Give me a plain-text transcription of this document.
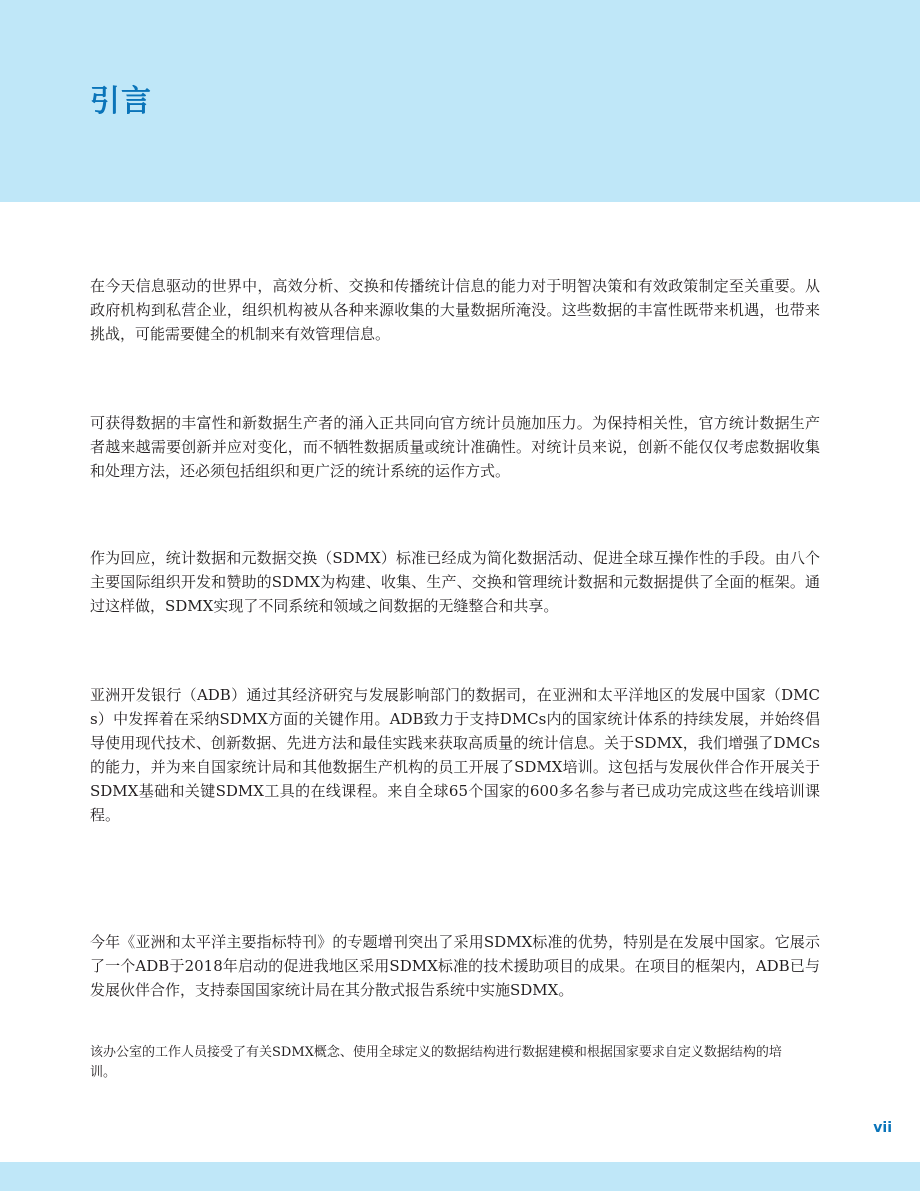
引言

在今天信息驱动的世界中，高效分析、交换和传播统计信息的能力对于明智决策和有效政策制定至关重要。从政府机构到私营企业，组织机构被从各种来源收集的大量数据所淹没。这些数据的丰富性既带来机遇，也带来挑战，可能需要健全的机制来有效管理信息。

可获得数据的丰富性和新数据生产者的涌入正共同向官方统计员施加压力。为保持相关性，官方统计数据生产者越来越需要创新并应对变化，而不牺牲数据质量或统计准确性。对统计员来说，创新不能仅仅考虑数据收集和处理方法，还必须包括组织和更广泛的统计系统的运作方式。

作为回应，统计数据和元数据交换（SDMX）标准已经成为简化数据活动、促进全球互操作性的手段。由八个主要国际组织开发和赞助的SDMX为构建、收集、生产、交换和管理统计数据和元数据提供了全面的框架。通过这样做，SDMX实现了不同系统和领域之间数据的无缝整合和共享。

亚洲开发银行（ADB）通过其经济研究与发展影响部门的数据司，在亚洲和太平洋地区的发展中国家（DMCs）中发挥着在采纳SDMX方面的关键作用。ADB致力于支持DMCs内的国家统计体系的持续发展，并始终倡导使用现代技术、创新数据、先进方法和最佳实践来获取高质量的统计信息。关于SDMX，我们增强了DMCs的能力，并为来自国家统计局和其他数据生产机构的员工开展了SDMX培训。这包括与发展伙伴合作开展关于SDMX基础和关键SDMX工具的在线课程。来自全球65个国家的600多名参与者已成功完成这些在线培训课程。

今年《亚洲和太平洋主要指标特刊》的专题增刊突出了采用SDMX标准的优势，特别是在发展中国家。它展示了一个ADB于2018年启动的促进我地区采用SDMX标准的技术援助项目的成果。在项目的框架内，ADB已与发展伙伴合作，支持泰国国家统计局在其分散式报告系统中实施SDMX。

该办公室的工作人员接受了有关SDMX概念、使用全球定义的数据结构进行数据建模和根据国家要求自定义数据结构的培训。

vii
